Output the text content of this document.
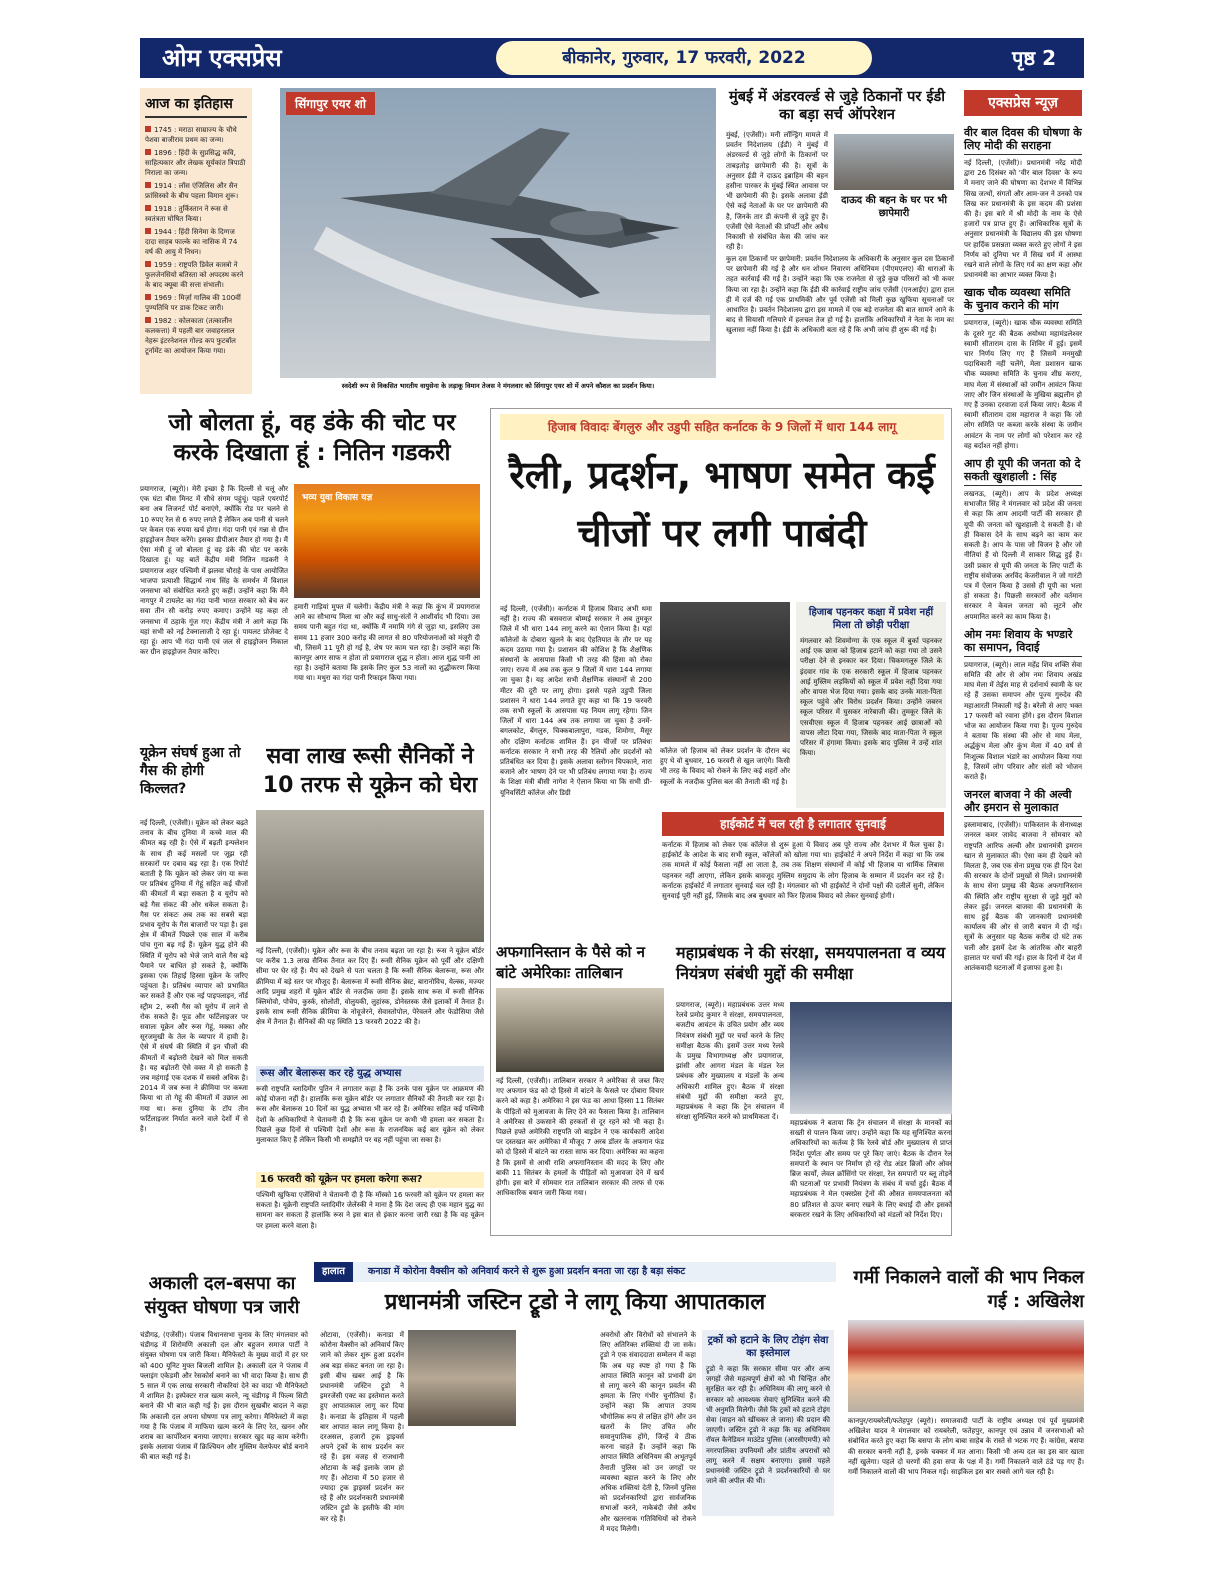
ओम एक्सप्रेस	बीकानेर, गुरुवार, 17 फरवरी, 2022	पृष्ठ 2
आज का इतिहास
1745 : मराठा साम्राज्य के चौथे पेशवा बाजीराव प्रथम का जन्म।
1896 : हिंदी के सुप्रसिद्ध कवि, साहित्यकार और लेखक सूर्यकांत त्रिपाठी निराला का जन्म।
1914 : लॉस एंजिलिस और सैन फ्रांसिस्को के बीच पहला विमान शुरू।
1918 : तुर्किस्तान ने रूस से स्वतंत्रता घोषित किया।
1944 : हिंदी सिनेमा के दिग्गज दादा साहब फाल्के का नासिक में 74 वर्ष की आयु में निधन।
1959 : राष्ट्रपति डिवेल कास्त्रो ने फुलजेनसियो बतिस्ता को अपदस्थ करने के बाद क्यूबा की सत्ता संभाली।
1969 : मिर्ज़ा गालिब की 100वीं पुण्यतिथि पर डाक टिकट जारी।
1982 : कोलकाता (तत्कालीन कलकत्ता) में पहली बार जवाहरलाल नेहरू इंटरनेशनल गोल्ड कप फुटबॉल टूर्नामेंट का आयोजन किया गया।
सिंगापुर एयर शो
स्वदेशी रूप से विकसित भारतीय वायुसेना के लड़ाकू विमान तेजस ने मंगलवार को सिंगापुर एयर शो में अपने कौशल का प्रदर्शन किया।
मुंबई में अंडरवर्ल्ड से जुड़े ठिकानों पर ईडी का बड़ा सर्च ऑपरेशन
मुंबई, (एजेंसी)। मनी लॉन्ड्रिंग मामले में प्रवर्तन निदेशालय (ईडी) ने मुंबई में अंडरवर्ल्ड से जुड़े लोगों के ठिकानों पर ताबड़तोड़ छापेमारी की है। सूत्रों के अनुसार ईडी ने दाऊद इब्राहिम की बहन हसीना पारकर के मुंबई स्थित आवास पर भी छापेमारी की है। इसके अलावा ईडी ऐसे कई नेताओं के घर पर छापेमारी की है, जिनके तार डी कंपनी से जुड़े हुए हैं। एजेंसी ऐसे नेताओं की प्रॉपर्टी और अवैध निकासी से संबंधित केस की जांच कर रही है।
दाऊद की बहन के घर पर भी छापेमारी
कुल दस ठिकानों पर छापेमारी: प्रवर्तन निदेशालय के अधिकारी के अनुसार कुल दस ठिकानों पर छापेमारी की गई है और धन शोधन निवारण अधिनियम (पीएमएलए) की धाराओं के तहत कार्रवाई की गई है। उन्होंने कहा कि एक राजनेता से जुड़े कुछ परिसरों को भी कवर किया जा रहा है। उन्होंने कहा कि ईडी की कार्रवाई राष्ट्रीय जांच एजेंसी (एनआईए) द्वारा हाल ही में दर्ज की गई एक प्राथमिकी और पूर्व एजेंसी को मिली कुछ खुफिया सूचनाओं पर आधारित है। प्रवर्तन निदेशालय द्वारा इस मामले में एक बड़े राजनेता की बात सामने आने के बाद से सियासी गलियारे में हलचल तेज हो गई है। हालांकि अधिकारियों ने नेता के नाम का खुलासा नहीं किया है। ईडी के अधिकारी बता रहे हैं कि अभी जांच ही शुरू की गई है।
एक्सप्रेस न्यूज़
वीर बाल दिवस की घोषणा के लिए मोदी की सराहना
नई दिल्ली, (एजेंसी)। प्रधानमंत्री नरेंद्र मोदी द्वारा 26 दिसंबर को 'वीर बाल दिवस' के रूप में मनाए जाने की घोषणा का देशभर में विभिन्न सिख जत्थों, संगतों और आम-जन ने उनको पत्र लिख कर प्रधानमंत्री के इस कदम की प्रशंसा की है। इस बारे में श्री मोदी के नाम के ऐसे हजारों पत्र प्राप्त हुए हैं। आधिकारिक सूत्रों के अनुसार प्रधानमंत्री के विद्यालय की इस घोषणा पर हार्दिक प्रसन्नता व्यक्त करते हुए लोगों ने इस निर्णय को दुनिया भर में सिख धर्म में आस्था रखने वाले लोगों के लिए गर्व का क्षण कहा और प्रधानमंत्री का आभार व्यक्त किया है।
खाक चौक व्यवस्था समिति के चुनाव कराने की मांग
प्रयागराज, (ब्यूरो)। खाक चौक व्यवस्था समिति के दूसरे गुट की बैठक अयोध्या महामंडलेश्वर स्वामी सीताराम दास के शिविर में हुई। इसमें चार निर्णय लिए गए हैं जिसमें मनमुखी पदाधिकारी नहीं चलेंगे, मेला प्रशासन खाक चौक व्यवस्था समिति के चुनाव शीघ्र कराए, माघ मेला में संस्थाओं को जमीन आवंटन किया जाए और जिन संस्थाओं के मुखिया ब्रह्मलीन हो गए हैं उनका दरवाजा दर्ज किया जाए। बैठक में स्वामी सीताराम दास महाराज ने कहा कि जो लोग समिति पर कब्जा करके संस्था के जमीन आवंटन के नाम पर लोगों को परेशान कर रहे वह बर्दाश्त नहीं होगा।
आप ही यूपी की जनता को दे सकती खुशहाली : सिंह
लखनऊ, (ब्यूरो)। आप के प्रदेश अध्यक्ष सभाजीत सिंह ने मंगलवार को प्रदेश की जनता से कहा कि आम आदमी पार्टी की सरकार ही यूपी की जनता को खुशहाली दे सकती है। वो ही विकास देने के साथ बढ़ने का काम कर सकती है। आप के पास जो विजन है और जो नीतियां हैं वो दिल्ली में साकार सिद्ध हुई हैं। उसी प्रकार से यूपी की जनता के लिए पार्टी के राष्ट्रीय संयोजक अरविंद केजरीवाल ने जो गारंटी पत्र में ऐलान किया है उससे ही यूपी का भला हो सकता है। पिछली सरकारों और वर्तमान सरकार ने केवल जनता को लूटने और अपमानित करने का काम किया है।
ओम नमः शिवाय के भण्डारे का समापन, विदाई
प्रयागराज, (ब्यूरो)। लाल महेंद्र शिव शक्ति सेवा समिति की ओर से ओम नमः शिवाय अखंड माघ मेला में तेईस माह से दर्शनार्थ स्वामी के घर रहे हैं उसका समापन और पूज्य गुरुदेव की महाआरती निकाली गई है। बरेली से आए भक्त 17 फरवरी को रवाना होंगे। इस दौरान विशाल भोज का आयोजन किया गया है। पूज्य गुरुदेव ने बताया कि संस्था की ओर से माघ मेला, अर्द्धकुंभ मेला और कुंभ मेला में 40 वर्ष से निःशुल्क विशाल भंडारे का आयोजन किया गया है, जिसमें लोग परिवार और संतों को भोजन कराते हैं।
जनरल बाजवा ने की अल्वी और इमरान से मुलाकात
इस्लामाबाद, (एजेंसी)। पाकिस्तान के सेनाध्यक्ष जनरल कमर जावेद बाजवा ने सोमवार को राष्ट्रपति आरिफ अल्वी और प्रधानमंत्री इमरान खान से मुलाकात की। ऐसा कम ही देखने को मिलता है, जब एक सेना प्रमुख एक ही दिन देश की सरकार के दोनों प्रमुखों से मिले। प्रधानमंत्री के साथ सेना प्रमुख की बैठक अफगानिस्तान की स्थिति और राष्ट्रीय सुरक्षा से जुड़े मुद्दों को लेकर हुई। जनरल बाजवा की प्रधानमंत्री के साथ हुई बैठक की जानकारी प्रधानमंत्री कार्यालय की ओर से जारी बयान में दी गई। सूत्रों के अनुसार यह बैठक करीब दो घंटे तक चली और इसमें देश के आंतरिक और बाहरी हालात पर चर्चा की गई। हाल के दिनों में देश में आतंकवादी घटनाओं में इजाफा हुआ है।
जो बोलता हूं, वह डंके की चोट पर करके दिखाता हूं : नितिन गडकरी
प्रयागराज, (ब्यूरो)। मेरी इच्छा है कि दिल्ली से चलूं और एक घंटा बीस मिनट में सीधे संगम पहुंचूं। पहले एयरपोर्ट बना अब लिजनर्ट पोर्ट बनाएंगे, क्योंकि रोड पर चलने से 10 रुपए रेल से 6 रुपए लगते हैं लेकिन अब पानी से चलने पर केवल एक रुपया खर्च होगा। गंदा पानी एवं गन्ना से ग्रीन हाइड्रोजन तैयार करेंगे। इसका डीपीआर तैयार हो गया है। मैं ऐसा मंत्री हूं जो बोलता हूं वह डंके की चोट पर करके दिखाता हूं। यह बातें केंद्रीय मंत्री नितिन गडकरी ने प्रयागराज शहर पश्चिमी में झलवा चौराहे के पास आयोजित भाजपा प्रत्याशी सिद्धार्थ नाथ सिंह के समर्थन में विशाल जनसभा को संबोधित करते हुए कहीं। उन्होंने कहा कि मैंने नागपुर में टायलेट का गंदा पानी भारत सरकार को बेच कर सवा तीन सौ करोड़ रुपए कमाए। उन्होंने यह कहा तो जनसभा में ठहाके गूंज गए। केंद्रीय मंत्री ने आगे कहा कि यहां सभी को नई टेक्नालाजी दे रहा हूं। पायलट प्रोजेक्ट दे रहा हूं। आप भी गंदा पानी एवं जल से हाइड्रोजन निकाल कर ग्रीन हाइड्रोजन तैयार करिए।
भव्य युवा विकास यज्ञ
हमारी गाड़ियां मुफ्त में चलेगी। केंद्रीय मंत्री ने कहा कि कुंभ में प्रयागराज आने का सौभाग्य मिला था और कई साधु-संतों ने आशीर्वाद भी दिया। उस समय पानी बहुत गंदा था, क्योंकि मैं नमामि गंगे से जुड़ा था, इसलिए उस समय 11 हजार 300 करोड़ की लागत से 80 परियोजनाओं को मंजूरी दी थी, जिसमें 11 पूरी हो गई है, शेष पर काम चल रहा है। उन्होंने कहा कि कानपुर अगर साफ न होता तो प्रयागराज शुद्ध न होता। आज शुद्ध पानी आ रहा है। उन्होंने बताया कि इसके लिए कुल 53 नालों का शुद्धीकरण किया गया था। मथुरा का गंदा पानी रिफाइन किया गया।
हिजाब विवादः बेंगलुरु और उडुपी सहित कर्नाटक के 9 जिलों में धारा 144 लागू
रैली, प्रदर्शन, भाषण समेत कई चीजों पर लगी पाबंदी
नई दिल्ली, (एजेंसी)। कर्नाटक में हिजाब विवाद अभी थमा नहीं है। राज्य की बसवराज बोम्मई सरकार ने अब तुमकूर जिले में भी धारा 144 लागू करने का ऐलान किया है। यहां कॉलेजों के दोबारा खुलने के बाद ऐहतियात के तौर पर यह कदम उठाया गया है। प्रशासन की कोशिश है कि शैक्षणिक संस्थानों के आसपास किसी भी तरह की हिंसा को रोका जाए। राज्य में अब तक कुल 9 जिलों में धारा 144 लगाया जा चुका है। यह आदेश सभी शैक्षणिक संस्थानों से 200 मीटर की दूरी पर लागू होगा। इससे पहले उडुपी जिला प्रशासन ने धारा 144 लगाते हुए कहा था कि 19 फरवरी तक सभी स्कूलों के आसपास यह नियम लागू रहेगा। जिन जिलों में धारा 144 अब तक लगाया जा चुका है उनमें- बगलकोट, बेंगलुरु, चिक्कबालापुरा, गडक, शिमोगा, मैसूर और दक्षिण कर्नाटक शामिल हैं। इन चीजों पर प्रतिबंधः कर्नाटक सरकार ने सभी तरह की रैलियों और प्रदर्शनों को प्रतिबंधित कर दिया है। इसके अलावा स्लोगन चिपकाने, नारा बजाने और भाषण देने पर भी प्रतिबंध लगाया गया है। राज्य के शिक्षा मंत्री बीसी नागेश ने ऐलान किया था कि सभी प्री-यूनिवर्सिटी कॉलेज और डिग्री
कॉलेज जो हिजाब को लेकर प्रदर्शन के दौरान बंद हुए थे वो बुधवार, 16 फरवरी से खुल जाएंगे। किसी भी तरह के विवाद को रोकने के लिए कई शहरों और स्कूलों के नजदीक पुलिस बल की तैनाती की गई है।
हिजाब पहनकर कक्षा में प्रवेश नहीं मिला तो छोड़ी परीक्षा
मंगलवार को शिवमोग्गा के एक स्कूल में बुर्का पहनकर आई एक छात्रा को हिजाब हटाने को कहा गया तो उसने परीक्षा देने से इनकार कर दिया। चिकमगलूरु जिले के इंदवार गांव के एक सरकारी स्कूल में हिजाब पहनकर आई मुस्लिम लड़कियों को स्कूल में प्रवेश नहीं दिया गया और वापस भेज दिया गया। इसके बाद उनके माता-पिता स्कूल पहुंचे और विरोध प्रदर्शन किया। उन्होंने जबरन स्कूल परिसर में घुसकर नारेबाजी की। तुमकूर जिले के एसवीएस स्कूल में हिजाब पहनकर आई छात्राओं को वापस लौटा दिया गया, जिसके बाद माता-पिता ने स्कूल परिसर में हंगामा किया। इसके बाद पुलिस ने उन्हें शांत किया।
हाईकोर्ट में चल रही है लगातार सुनवाई
कर्नाटक में हिजाब को लेकर एक कॉलेज से शुरू हुआ ये विवाद अब पूरे राज्य और देशभर में फैल चुका है। हाईकोर्ट के आदेश के बाद सभी स्कूल, कॉलेजों को खोला गया था। हाईकोर्ट ने अपने निर्देश में कहा था कि जब तक मामले में कोई फैसला नहीं आ जाता है, तब तक शिक्षण संस्थानों में कोई भी हिजाब या धार्मिक लिबास पहनकर नहीं आएगा, लेकिन इसके बावजूद मुस्लिम समुदाय के लोग हिजाब के सम्मान में प्रदर्शन कर रहे हैं। कर्नाटक हाईकोर्ट में लगातार सुनवाई चल रही है। मंगलवार को भी हाईकोर्ट ने दोनों पक्षों की दलीलें सुनी, लेकिन सुनवाई पूरी नहीं हुई, जिसके बाद अब बुधवार को फिर हिजाब विवाद को लेकर सुनवाई होगी।
यूक्रेन संघर्ष हुआ तो गैस की होगी किल्लत?
नई दिल्ली, (एजेंसी)। यूक्रेन को लेकर बढ़ते तनाव के बीच दुनिया में कच्चे माल की कीमत बढ़ रही है। ऐसे में बढ़ती इन्फ्लेशन के साथ ही कई मसलों पर जूझ रही सरकारों पर दबाव बढ़ रहा है। एक रिपोर्ट बताती है कि यूक्रेन को लेकर जंग या रूस पर प्रतिबंध दुनिया में गेहूं सहित कई चीजों की कीमतों में बड़ा सकता है व यूरोप को बड़े गैस संकट की ओर धकेल सकता है। गैस पर संकटः अब तक का सबसे बड़ा प्रभाव यूरोप के गैस बाजारों पर पड़ा है। इस क्षेत्र में कीमतें पिछले एक साल में करीब पांच गुना बढ़ गई हैं। यूक्रेन युद्ध होने की स्थिति में यूरोप को भेजे जाने वाले गैस बड़े पैमाने पर बाधित हो सकते है, क्योंकि इसका एक तिहाई हिस्सा यूक्रेन के जरिए पहुंचता है। प्रतिबंध व्यापार को प्रभावित कर सकते हैं और एक नई पाइपलाइन, नॉर्ड स्ट्रीम 2, रूसी गैस को यूरोप में लाने से रोक सकते हैं। फूड और फर्टिलाइजर पर सवालः यूक्रेन और रूस गेहूं, मक्का और सूरजमुखी के तेल के व्यापार में हावी है। ऐसे में संघर्ष की स्थिति में इन चीजों की कीमतों में बढ़ोतरी देखने को मिल सकती है। यह बढ़ोतरी ऐसे वक्त में हो सकती है जब महंगाई एक दशक में सबसे अधिक है। 2014 में जब रूस ने क्रीमिया पर कब्जा किया था तो गेहूं की कीमतों में उछाल आ गया था। रूस दुनिया के टॉप तीन फर्टिलाइजर निर्यात करने वाले देशों में से है।
सवा लाख रूसी सैनिकों ने 10 तरफ से यूक्रेन को घेरा
नई दिल्ली, (एजेंसी)। यूक्रेन और रूस के बीच तनाव बढ़ता जा रहा है। रूस ने यूक्रेन बॉर्डर पर करीब 1.3 लाख सैनिक तैनात कर दिए हैं। रूसी सैनिक यूक्रेन को पूर्वी और दक्षिणी सीमा पर घेर रहे हैं। मैप को देखने से पता चलता है कि रूसी सैनिक बेलारूस, रूस और क्रीमिया में बड़े स्तर पर मौजूद हैं। बेलारूस में रूसी सैनिक ब्रेस्ट, बारानोविच, येल्स्क, मज्यर आदि प्रमुख शहरों में यूक्रेन बॉर्डर से नजदीक जमा हैं। इसके साथ रूस में रूसी सैनिक क्लिमोवो, पोचेप, कुर्स्क, सोलोती, वोलुयकी, लुहांस्क, डोनेस्तस्क जैसे इलाकों में तैनात हैं। इसके साथ रूसी सैनिक क्रीमिया के नोवूजेरने, सेवास्तोपोल, पेरेवलने और फेडोसिया जैसे क्षेत्र में तैनात हैं। सैनिकों की यह स्थिति 13 फरवरी 2022 की है।
रूस और बेलारूस कर रहे युद्ध अभ्यास
रूसी राष्ट्रपति व्लादिमीर पुतिन ने लगातार कहा है कि उनके पास यूक्रेन पर आक्रमण की कोई योजना नहीं है। हालांकि रूस यूक्रेन बॉर्डर पर लगातार सैनिकों की तैनाती कर रहा है। रूस और बेलारूस 10 दिनों का युद्ध अभ्यास भी कर रहे हैं। अमेरिका सहित कई पश्चिमी देशों के अधिकारियों ने चेतावनी दी है कि रूस यूक्रेन पर कभी भी हमला कर सकता है। पिछले कुछ दिनों से पश्चिमी देशों और रूस के राजनयिक कई बार यूक्रेन को लेकर मुलाकात किए हैं लेकिन किसी भी समझौते पर वह नहीं पहुंचा जा सका है।
16 फरवरी को यूक्रेन पर हमला करेगा रूस?
पश्चिमी खुफिया एजेंसियों ने चेतावनी दी है कि मॉस्को 16 फरवरी को यूक्रेन पर हमला कर सकता है। यूक्रेनी राष्ट्रपति व्लादिमीर जेलेंस्की ने माना है कि देश जल्द ही एक महान युद्ध का सामना कर सकता है हालांकि रूस ने इस बात से इंकार करना जारी रखा है कि वह यूक्रेन पर हमला करने वाला है।
अफगानिस्तान के पैसे को न बांटे अमेरिकाः तालिबान
नई दिल्ली, (एजेंसी)। तालिबान सरकार ने अमेरिका से जब्त किए गए अफगान फंड को दो हिस्से में बांटने के फैसले पर दोबारा विचार करने को कहा है। अमेरिका ने इस फंड का आधा हिस्सा 11 सितंबर के पीड़ितों को मुआवजा के लिए देने का फैसला किया है। तालिबान ने अमेरिका से उकसाने की हरकतों से दूर रहने को भी कहा है। पिछले हफ्ते अमेरिकी राष्ट्रपति जो बाइडेन ने एक कार्यकारी आदेश पर दस्तखत कर अमेरिका में मौजूद 7 अरब डॉलर के अफगान फंड को दो हिस्से में बांटने का रास्ता साफ कर दिया। अमेरिका का कहना है कि इसमें से आधी राशि अफगानिस्तान की मदद के लिए और बाकी 11 सितंबर के हमलों के पीड़ितों को मुआवजा देने में खर्च होगी। इस बारे में सोमवार रात तालिबान सरकार की तरफ से एक आधिकारिक बयान जारी किया गया।
महाप्रबंधक ने की संरक्षा, समयपालनता व व्यय नियंत्रण संबंधी मुद्दों की समीक्षा
प्रयागराज, (ब्यूरो)। महाप्रबंधक उत्तर मध्य रेलवे प्रमोद कुमार ने संरक्षा, समयपालनता, बजटीय आवंटन के उचित प्रयोग और व्यय नियंत्रण संबंधी मुद्दों पर चर्चा करने के लिए समीक्षा बैठक की। इसमें उत्तर मध्य रेलवे के प्रमुख विभागाध्यक्ष और प्रयागराज, झांसी और आगरा मंडल के मंडल रेल प्रबंधक और मुख्यालय व मंडलों के अन्य अधिकारी शामिल हुए। बैठक में संरक्षा संबंधी मुद्दों की समीक्षा करते हुए, महाप्रबंधक ने कहा कि ट्रेन संचालन में संरक्षा सुनिश्चित करने को प्राथमिकता दें।
महाप्रबंधक ने बताया कि ट्रेन संचालन में संरक्षा के मानकों का सख्ती से पालन किया जाए। उन्होंने कहा कि यह सुनिश्चित करना अधिकारियों का कर्तव्य है कि रेलवे बोर्ड और मुख्यालय से प्राप्त निर्देश पूर्णतः और समय पर पूरे किए जाएं। बैठक के दौरान रेल समपारों के स्थान पर निर्माण हो रहे रोड अंडर ब्रिजों और ओवर ब्रिज कार्यों, लेवल क्रॉसिंगो पर संरक्षा, रेल समपारों पर ब्लू तोड़ने की घटनाओं पर प्रभावी नियंत्रण के संबंध में चर्चा हुई। बैठक में महाप्रबंधक ने मेल एक्सप्रेस ट्रेनों की औसत समयपालनता को 80 प्रतिशत से ऊपर बनाए रखने के लिए बधाई दी और इसको बरकरार रखने के लिए अधिकारियों को मंडलों को निर्देश दिए।
हालात	कनाडा में कोरोना वैक्सीन को अनिवार्य करने से शुरू हुआ प्रदर्शन बनता जा रहा है बड़ा संकट
प्रधानमंत्री जस्टिन ट्रूडो ने लागू किया आपातकाल
ओटावा, (एजेंसी)। कनाडा में कोरोना वैक्सीन को अनिवार्य किए जाने को लेकर शुरू हुआ प्रदर्शन अब बड़ा संकट बनता जा रहा है। इसी बीच खबर आई है कि प्रधानमंत्री जस्टिन ट्रूडो ने इमरजेंसी एक्ट का इस्तेमाल करते हुए आपातकाल लागू कर दिया है। कनाडा के इतिहास में पहली बार आपात काल लागू किया है। दरअसल, हजारों ट्रक ड्राइवर्स अपने ट्रकों के साथ प्रदर्शन कर रहे हैं। इस वजह से राजधानी ओटावा के कई इलाके जाम हो गए हैं। ओटावा में 50 हजार से ज्यादा ट्रक ड्राइवर्स प्रदर्शन कर रहे हैं और प्रदर्शनकारी प्रधानमंत्री जस्टिन ट्रूडो के इस्तीफे की मांग कर रहे हैं।
अवरोधों और विरोधों को संभालने के लिए अतिरिक्त शक्तियां दी जा सके। ट्रूडो ने एक संवाददाता सम्मेलन में कहा कि अब यह स्पष्ट हो गया है कि आपात स्थिति कानून को प्रभावी ढंग से लागू करने की कानून प्रवर्तन की क्षमता के लिए गंभीर चुनौतियां हैं। उन्होंने कहा कि आपात उपाय भौगोलिक रूप से लक्षित होंगे और उन खतरों के लिए उचित और समानुपातिक होंगे, जिन्हें वे ठीक करना चाहते हैं। उन्होंने कहा कि आपात स्थिति अधिनियम की अभूतपूर्व तैनाती पुलिस को उन जगहों पर व्यवस्था बहाल करने के लिए और अधिक शक्तियां देती है, जिनमें पुलिस को प्रदर्शनकारियों द्वारा सार्वजनिक सभाओं करने, नाकेबंदी जैसे अवैध और खतरनाक गतिविधियों को रोकने में मदद मिलेगी।
ट्रकों को हटाने के लिए टोइंग सेवा का इस्तेमाल
ट्रूडो ने कहा कि सरकार सीमा पार और अन्य जगहों जैसे महत्वपूर्ण क्षेत्रों को भी चिन्हित और सुरक्षित कर रही है। अधिनियम की लागू करने से सरकार को आवश्यक सेवाएं सुनिश्चित करने की भी अनुमति मिलेगी। जैसे कि ट्रकों को हटाने टोइंग सेवा (वाहन को खींचकर ले जाना) की प्रदान की जाएगी। जस्टिन ट्रूडो ने कहा कि यह अधिनियम रॉयल कैनेडियन माउंटेड पुलिस (आरसीएमपी) को नगरपालिका उपनियमों और प्रांतीय अपराधों को लागू करने में सक्षम बनाएगा। इससे पहले प्रधानमंत्री जस्टिन ट्रूडो ने प्रदर्शनकारियों से घर जाने की अपील की थी।
अकाली दल-बसपा का संयुक्त घोषणा पत्र जारी
चंडीगढ़, (एजेंसी)। पंजाब विधानसभा चुनाव के लिए मंगलवार को चंडीगढ़ में शिरोमणि अकाली दल और बहुजन समाज पार्टी ने संयुक्त घोषणा पत्र जारी किया। मैनिफेस्टो के मुख्य वादों में हर घर को 400 यूनिट मुफ्त बिजली शामिल है। अकाली दल ने पंजाब में फ्लाइंग एकेडमी और रेसकोर्स बनाने का भी वादा किया है। साथ ही 5 साल में एक लाख सरकारी नौकरियां देने का वादा भी मैनिफेस्टो में शामिल है। इस्पेक्टर राज खत्म करने, न्यू चंडीगढ़ में फिल्म सिटी बनाने की भी बात कही गई है। इस दौरान सुखबीर बादल ने कहा कि अकाली दल अपना घोषणा पत्र लागू करेगा। मैनिफेस्टो में कहा गया है कि पंजाब में माफिया खत्म करने के लिए रेत, खनन और शराब का कार्पोरेशन बनाया जाएगा। सरकार खुद यह काम करेगी। इसके अलावा पंजाब में क्रिश्चियन और मुस्लिम वेलफेयर बोर्ड बनाने की बात कही गई है।
गर्मी निकालने वालों की भाप निकल गई : अखिलेश
कानपुर/रायबरेली/फतेहपुर (ब्यूरो)। समाजवादी पार्टी के राष्ट्रीय अध्यक्ष एवं पूर्व मुख्यमंत्री अखिलेश यादव ने मंगलवार को रायबरेली, फतेहपुर, कानपुर एवं उन्नाव में जनसभाओं को संबोधित करते हुए कहा कि बसपा के लोग बाबा साहेब के रास्ते से भटक गए हैं। कांग्रेस, बसपा की सरकार बननी नहीं है, इनके चक्कर में मत आना। किसी भी अन्य दल का इस बार खाता नहीं खुलेगा। पहले दो चरणों की हवा सपा के पक्ष में है। गर्मी निकालने वाले ठंडे पड़ गए हैं। गर्मी निकालने वालों की भाप निकल गई। साइकिल इस बार सबसे आगे चल रही है।
